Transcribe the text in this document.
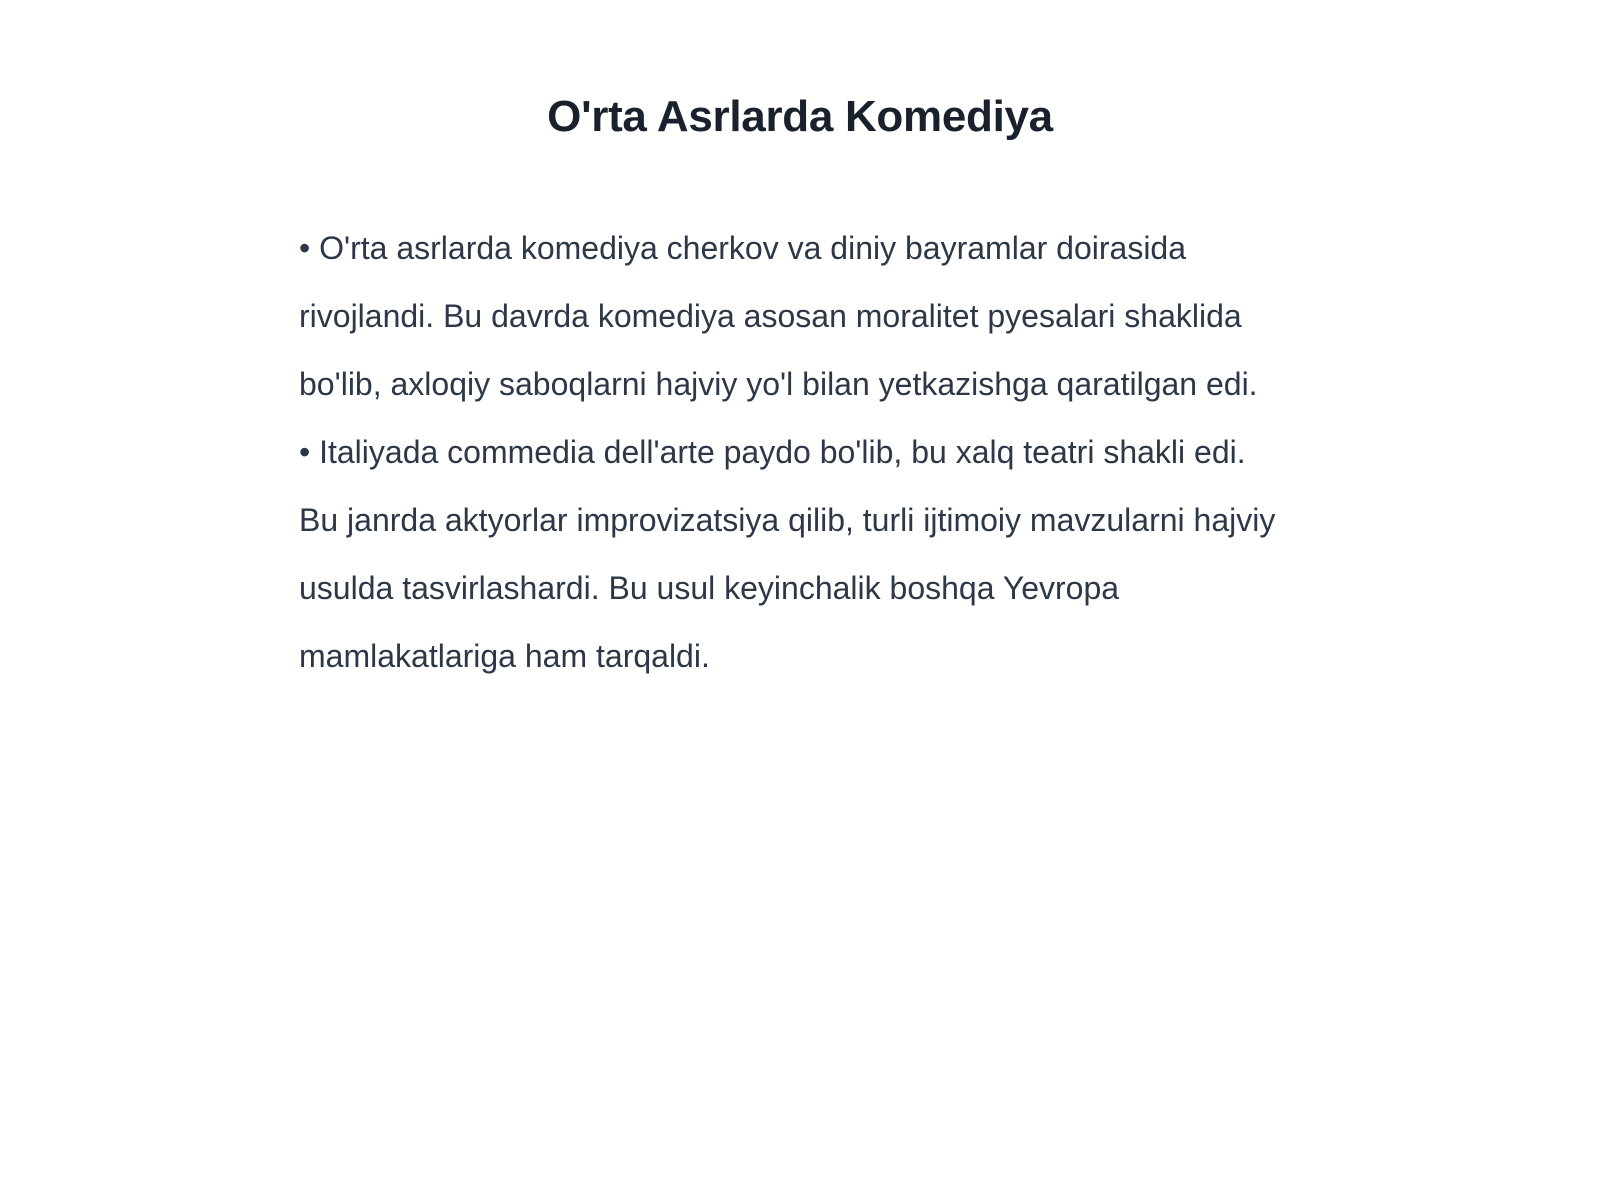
O'rta Asrlarda Komediya
• O'rta asrlarda komediya cherkov va diniy bayramlar doirasida rivojlandi. Bu davrda komediya asosan moralitet pyesalari shaklida bo'lib, axloqiy saboqlarni hajviy yo'l bilan yetkazishga qaratilgan edi.
• Italiyada commedia dell'arte paydo bo'lib, bu xalq teatri shakli edi. Bu janrda aktyorlar improvizatsiya qilib, turli ijtimoiy mavzularni hajviy usulda tasvirlashardi. Bu usul keyinchalik boshqa Yevropa mamlakatlariga ham tarqaldi.
